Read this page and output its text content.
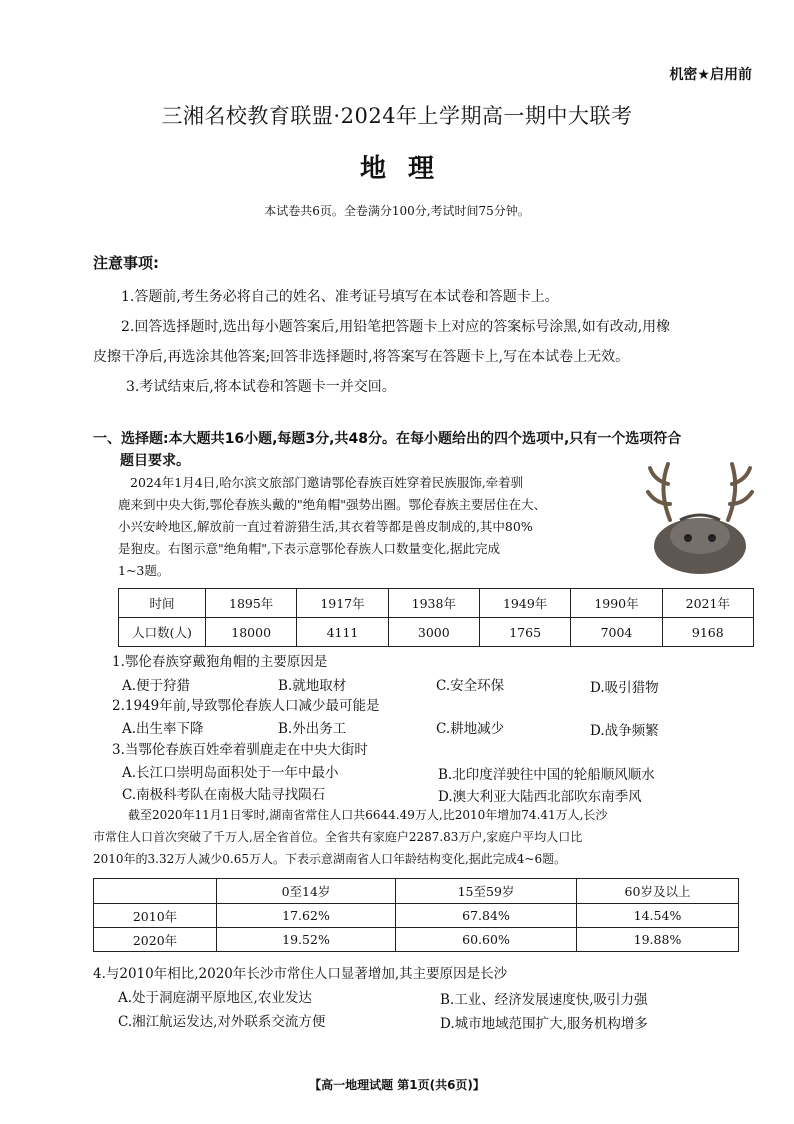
机密★启用前
三湘名校教育联盟·2024年上学期高一期中大联考
地理
本试卷共6页。全卷满分100分,考试时间75分钟。
注意事项:
1.答题前,考生务必将自己的姓名、准考证号填写在本试卷和答题卡上。
2.回答选择题时,选出每小题答案后,用铅笔把答题卡上对应的答案标号涂黑,如有改动,用橡
皮擦干净后,再选涂其他答案;回答非选择题时,将答案写在答题卡上,写在本试卷上无效。
3.考试结束后,将本试卷和答题卡一并交回。
一、选择题:本大题共16小题,每题3分,共48分。在每小题给出的四个选项中,只有一个选项符合
题目要求。
2024年1月4日,哈尔滨文旅部门邀请鄂伦春族百姓穿着民族服饰,牵着驯
鹿来到中央大街,鄂伦春族头戴的"绝角帽"强势出圈。鄂伦春族主要居住在大、
小兴安岭地区,解放前一直过着游猎生活,其衣着等都是兽皮制成的,其中80%
是狍皮。右图示意"绝角帽",下表示意鄂伦春族人口数量变化,据此完成
1~3题。
时间	1895年	1917年	1938年	1949年	1990年	2021年
人口数(人)	18000	4111	3000	1765	7004	9168
1.鄂伦春族穿戴狍角帽的主要原因是
A.便于狩猎	B.就地取材	C.安全环保	D.吸引猎物
2.1949年前,导致鄂伦春族人口减少最可能是
A.出生率下降	B.外出务工	C.耕地减少	D.战争频繁
3.当鄂伦春族百姓牵着驯鹿走在中央大街时
A.长江口崇明岛面积处于一年中最小	B.北印度洋驶往中国的轮船顺风顺水
C.南极科考队在南极大陆寻找陨石	D.澳大利亚大陆西北部吹东南季风
截至2020年11月1日零时,湖南省常住人口共6644.49万人,比2010年增加74.41万人,长沙
市常住人口首次突破了千万人,居全省首位。全省共有家庭户2287.83万户,家庭户平均人口比
2010年的3.32万人减少0.65万人。下表示意湖南省人口年龄结构变化,据此完成4~6题。
	0至14岁	15至59岁	60岁及以上
2010年	17.62%	67.84%	14.54%
2020年	19.52%	60.60%	19.88%
4.与2010年相比,2020年长沙市常住人口显著增加,其主要原因是长沙
A.处于洞庭湖平原地区,农业发达	B.工业、经济发展速度快,吸引力强
C.湘江航运发达,对外联系交流方便	D.城市地域范围扩大,服务机构增多
【高一地理试题 第1页(共6页)】
